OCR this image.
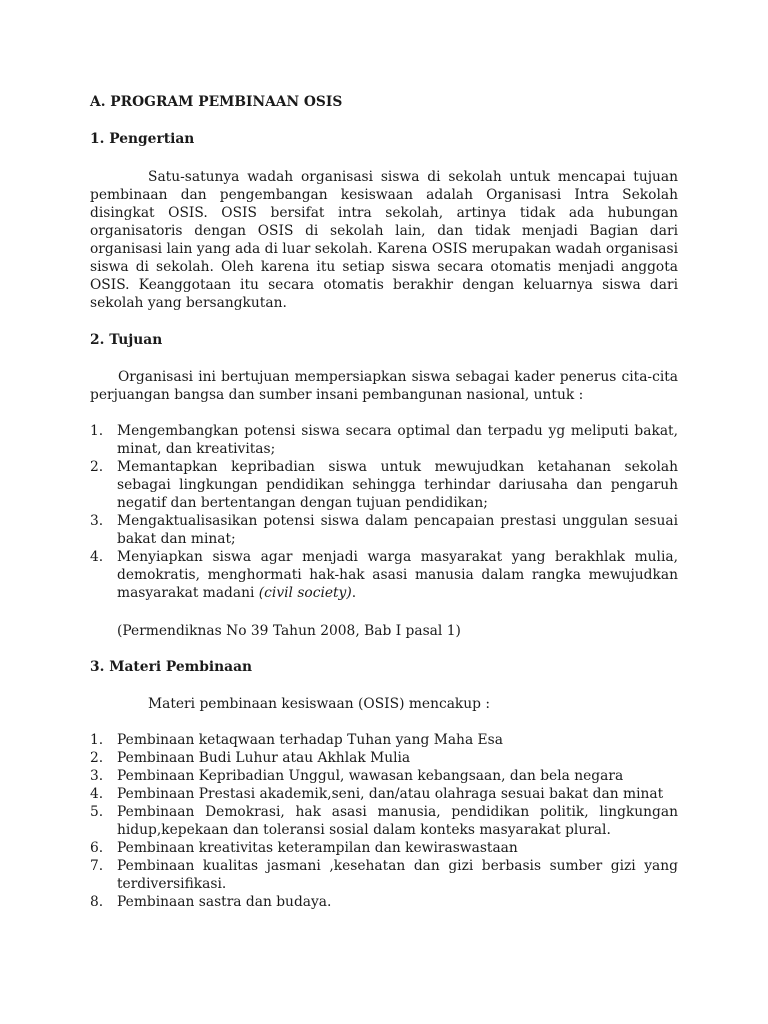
A. PROGRAM PEMBINAAN OSIS
1. Pengertian
Satu-satunya wadah organisasi siswa di sekolah untuk mencapai tujuan pembinaan dan pengembangan kesiswaan adalah Organisasi Intra Sekolah disingkat OSIS. OSIS bersifat intra sekolah, artinya tidak ada hubungan organisatoris dengan OSIS di sekolah lain, dan tidak menjadi Bagian dari organisasi lain yang ada di luar sekolah. Karena OSIS merupakan wadah organisasi siswa di sekolah. Oleh karena itu setiap siswa secara otomatis menjadi anggota OSIS. Keanggotaan itu secara otomatis berakhir dengan keluarnya siswa dari sekolah yang bersangkutan.
2. Tujuan
Organisasi ini bertujuan mempersiapkan siswa sebagai kader penerus cita-cita perjuangan bangsa dan sumber insani pembangunan nasional, untuk :
1.	Mengembangkan potensi siswa secara optimal dan terpadu yg meliputi bakat, minat, dan kreativitas;
2.	Memantapkan kepribadian siswa untuk mewujudkan ketahanan sekolah sebagai lingkungan pendidikan sehingga terhindar dariusaha dan pengaruh negatif dan bertentangan dengan tujuan pendidikan;
3.	Mengaktualisasikan potensi siswa dalam pencapaian prestasi unggulan sesuai bakat dan minat;
4.	Menyiapkan siswa agar menjadi warga masyarakat yang berakhlak mulia, demokratis, menghormati hak-hak asasi manusia dalam rangka mewujudkan masyarakat madani (civil society).
(Permendiknas No 39 Tahun 2008, Bab I pasal 1)
3. Materi Pembinaan
Materi pembinaan kesiswaan (OSIS) mencakup :
1.	Pembinaan ketaqwaan terhadap Tuhan yang Maha Esa
2.	Pembinaan Budi Luhur atau Akhlak Mulia
3.	Pembinaan Kepribadian Unggul, wawasan kebangsaan, dan bela negara
4.	Pembinaan Prestasi akademik,seni, dan/atau olahraga sesuai bakat dan minat
5.	Pembinaan Demokrasi, hak asasi manusia, pendidikan politik, lingkungan hidup,kepekaan dan toleransi sosial dalam konteks masyarakat plural.
6.	Pembinaan kreativitas keterampilan dan kewiraswastaan
7.	Pembinaan kualitas jasmani ,kesehatan dan gizi berbasis sumber gizi yang terdiversifikasi.
8.	Pembinaan sastra dan budaya.
